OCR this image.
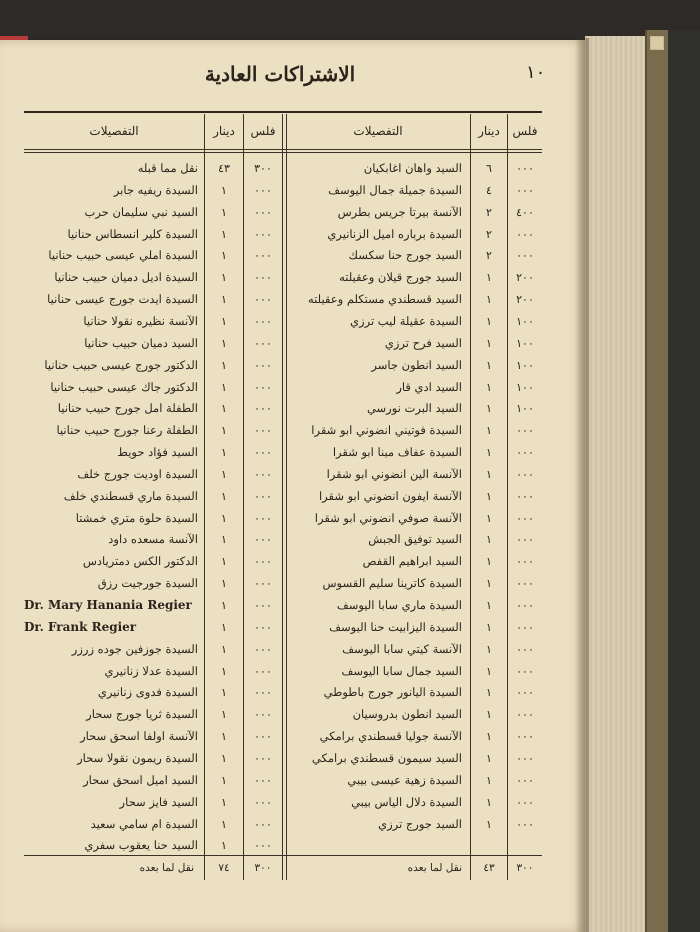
١٠
الاشتراكات العادية
التفصيلات	دينار	فلس	التفصيلات	دينار	فلس
نقل مما قبله	٤٣	٣٠٠
السيدة ريفيه جابر	١	٠٠٠
السيد نبي سليمان حرب	١	٠٠٠
السيدة كلير انسطاس حنانيا	١	٠٠٠
السيدة املي عيسى حبيب حنانيا	١	٠٠٠
السيدة اديل دميان حبيب حنانيا	١	٠٠٠
السيدة ايدت جورج عيسى حنانيا	١	٠٠٠
الآنسة نظيره نقولا حنانيا	١	٠٠٠
السيد دميان حبيب حنانيا	١	٠٠٠
الدكتور جورج عيسى حبيب حنانيا	١	٠٠٠
الدكتور جاك عيسى حبيب حنانيا	١	٠٠٠
الطفلة امل جورج حبيب حنانيا	١	٠٠٠
الطفلة رعنا جورج حبيب حنانيا	١	٠٠٠
السيد فؤاد حويط	١	٠٠٠
السيدة اوديت جورج خلف	١	٠٠٠
السيدة ماري قسطندي خلف	١	٠٠٠
السيدة حلوة متري خمشتا	١	٠٠٠
الآنسة مسعده داود	١	٠٠٠
الدكتور الكس دمتريادس	١	٠٠٠
السيدة جورجيت رزق	١	٠٠٠
Dr. Mary Hanania Regier	١	٠٠٠
Dr. Frank Regier	١	٠٠٠
السيدة جوزفين جوده زرزر	١	٠٠٠
السيدة عدلا زنانيري	١	٠٠٠
السيدة فدوى زنانيري	١	٠٠٠
السيدة ثريا جورج سحار	١	٠٠٠
الآنسة اولفا اسحق سحار	١	٠٠٠
السيدة ريمون نقولا سحار	١	٠٠٠
السيد اميل اسحق سحار	١	٠٠٠
السيد فايز سحار	١	٠٠٠
السيدة ام سامي سعيد	١	٠٠٠
السيد حنا يعقوب سفري	١	٠٠٠
السيد واهان اغابكيان	٦	٠٠٠
السيدة جميلة جمال اليوسف	٤	٠٠٠
الآنسة بيرتا جريس بطرس	٢	٤٠٠
السيدة برباره اميل الزنانيري	٢	٠٠٠
السيد جورج حنا سكسك	٢	٠٠٠
السيد جورج قيلان وعقيلته	١	٢٠٠
السيد قسطندي مستكلم وعقيلته	١	٢٠٠
السيدة عقيلة ليب ترزي	١	١٠٠
السيد فرح ترزي	١	١٠٠
السيد انطون جاسر	١	١٠٠
السيد ادي قار	١	١٠٠
السيد البرت نورسي	١	١٠٠
السيدة فوتيني انضوني ابو شقرا	١	٠٠٠
السيدة عفاف مينا ابو شقرا	١	٠٠٠
الآنسة الين انضوني ابو شقرا	١	٠٠٠
الآنسة ايفون انضوني ابو شقرا	١	٠٠٠
الآنسة صوفي انضوني ابو شقرا	١	٠٠٠
السيد توفيق الجبش	١	٠٠٠
السيد ابراهيم القفص	١	٠٠٠
السيدة كاترينا سليم القسوس	١	٠٠٠
السيدة ماري سابا اليوسف	١	٠٠٠
السيدة اليزابيت حنا اليوسف	١	٠٠٠
الآنسة كيتي سابا اليوسف	١	٠٠٠
السيد جمال سابا اليوسف	١	٠٠٠
السيدة اليانور جورج باطوطي	١	٠٠٠
السيد انطون بدروسيان	١	٠٠٠
الآنسة جوليا قسطندي برامكي	١	٠٠٠
السيد سيمون قسطندي برامكي	١	٠٠٠
السيدة زهية عيسى بيبي	١	٠٠٠
السيدة دلال الياس بيبي	١	٠٠٠
السيد جورج ترزي	١	٠٠٠
نقل لما بعده	٧٤	٣٠٠	نقل لما بعده	٤٣	٣٠٠
